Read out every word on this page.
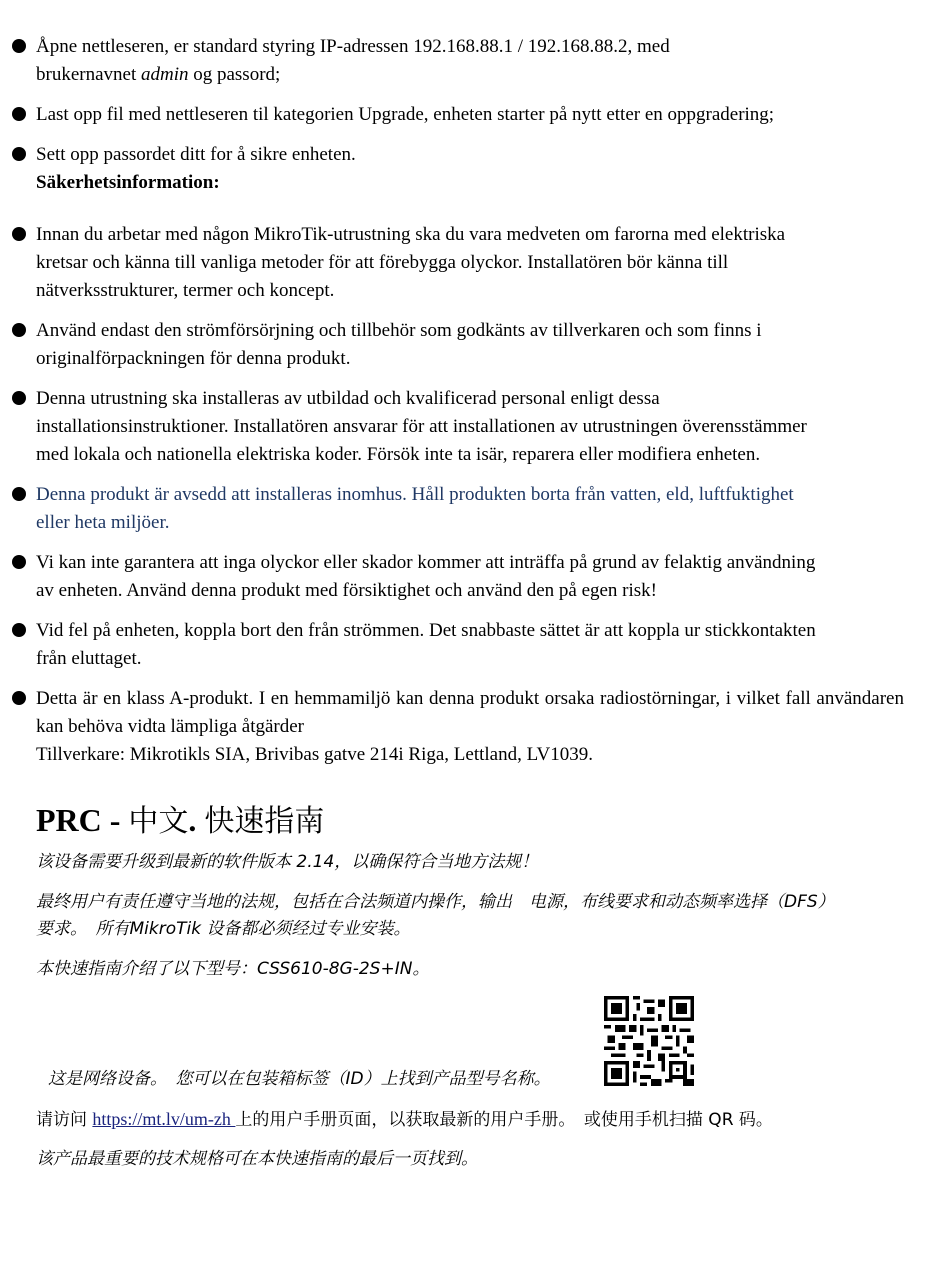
Åpne nettleseren, er standard styring IP-adressen 192.168.88.1 / 192.168.88.2, med
brukernavnet admin og passord;
Last opp fil med nettleseren til kategorien Upgrade, enheten starter på nytt etter en oppgradering;
Sett opp passordet ditt for å sikre enheten.
Säkerhetsinformation:
Innan du arbetar med någon MikroTik-utrustning ska du vara medveten om farorna med elektriska
kretsar och känna till vanliga metoder för att förebygga olyckor. Installatören bör känna till
nätverksstrukturer, termer och koncept.
Använd endast den strömförsörjning och tillbehör som godkänts av tillverkaren och som finns i
originalförpackningen för denna produkt.
Denna utrustning ska installeras av utbildad och kvalificerad personal enligt dessa
installationsinstruktioner. Installatören ansvarar för att installationen av utrustningen överensstämmer
med lokala och nationella elektriska koder. Försök inte ta isär, reparera eller modifiera enheten.
Denna produkt är avsedd att installeras inomhus. Håll produkten borta från vatten, eld, luftfuktighet
eller heta miljöer.
Vi kan inte garantera att inga olyckor eller skador kommer att inträffa på grund av felaktig användning
av enheten. Använd denna produkt med försiktighet och använd den på egen risk!
Vid fel på enheten, koppla bort den från strömmen. Det snabbaste sättet är att koppla ur stickkontakten
från eluttaget.
Detta är en klass A-produkt. I en hemmamiljö kan denna produkt orsaka radiostörningar, i vilket fall användaren kan behöva vidta lämpliga åtgärder
Tillverkare: Mikrotikls SIA, Brivibas gatve 214i Riga, Lettland, LV1039.
PRC - 中文. 快速指南
该设备需要升级到最新的软件版本 2.14，以确保符合当地方法规！
最终用户有责任遵守当地的法规，包括在合法频道内操作，输出　电源，布线要求和动态频率选择（DFS）
要求。　所有MikroTik 设备都必须经过专业安装。
本快速指南介绍了以下型号：CSS610-8G-2S+IN。
这是网络设备。　您可以在包装箱标签（ID）上找到产品型号名称。
请访问 https://mt.lv/um-zh 上的用户手册页面，以获取最新的用户手册。　或使用手机扫描 QR 码。
该产品最重要的技术规格可在本快速指南的最后一页找到。
